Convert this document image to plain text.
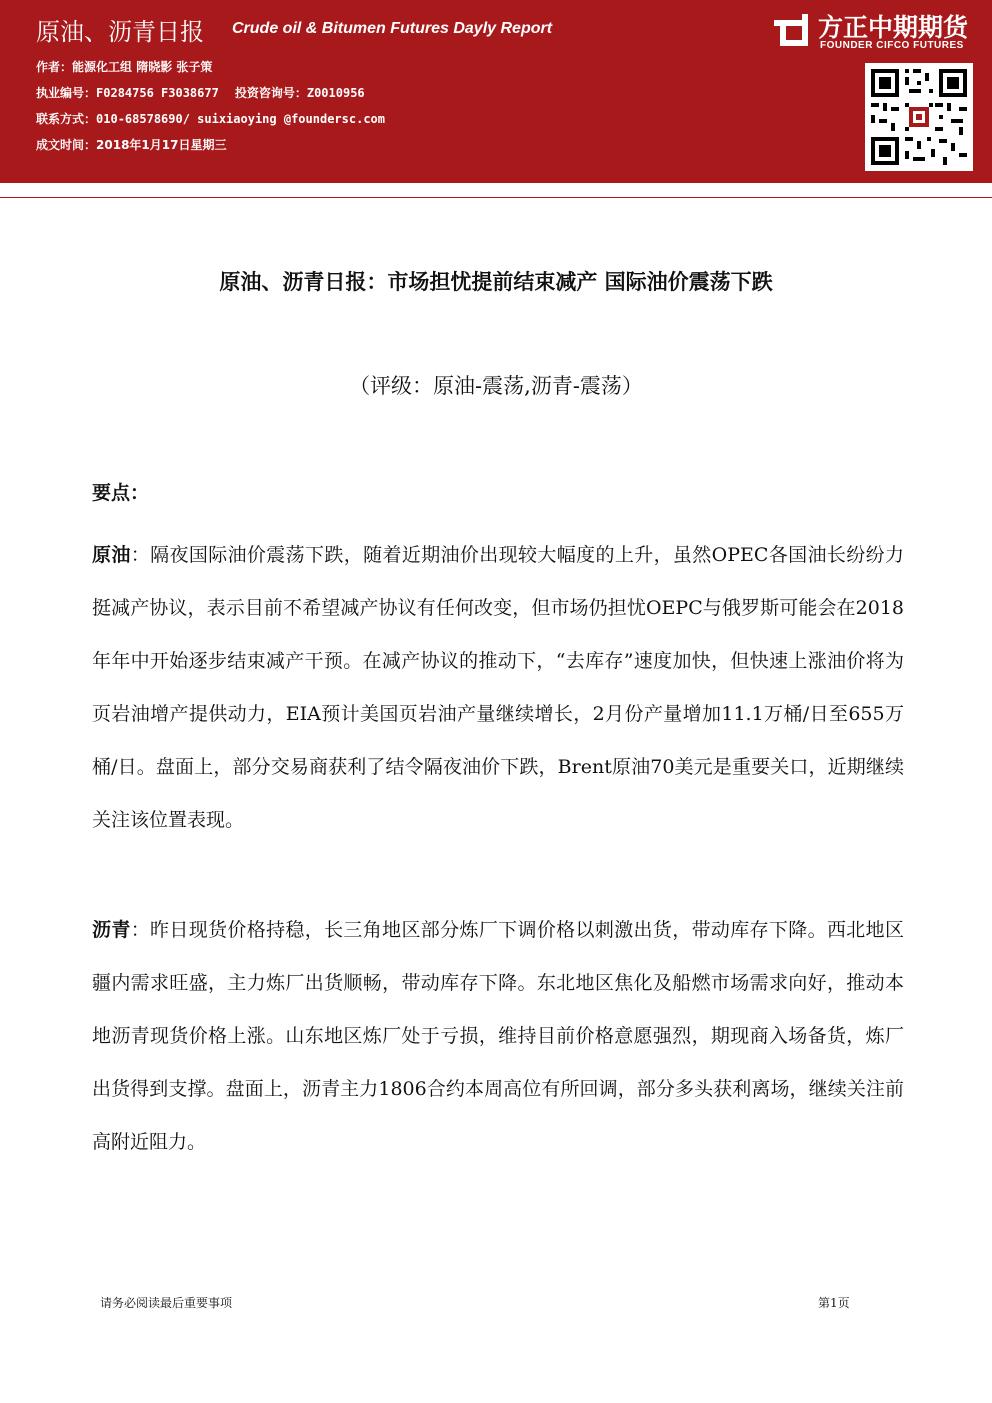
原油、沥青日报 Crude oil & Bitumen Futures Dayly Report
作者：能源化工组 隋晓影 张子策
执业编号：F0284756 F3038677 投资咨询号：Z0010956
联系方式：010-68578690/ suixiaoying @foundersc.com
成文时间：2018年1月17日星期三
方正中期期货
FOUNDER CIFCO FUTURES
原油、沥青日报：市场担忧提前结束减产 国际油价震荡下跌
（评级：原油-震荡,沥青-震荡）
要点：
原油：隔夜国际油价震荡下跌，随着近期油价出现较大幅度的上升，虽然OPEC各国油长纷纷力挺减产协议，表示目前不希望减产协议有任何改变，但市场仍担忧OEPC与俄罗斯可能会在2018年年中开始逐步结束减产干预。在减产协议的推动下，“去库存”速度加快，但快速上涨油价将为页岩油增产提供动力，EIA预计美国页岩油产量继续增长，2月份产量增加11.1万桶/日至655万桶/日。盘面上，部分交易商获利了结令隔夜油价下跌，Brent原油70美元是重要关口，近期继续关注该位置表现。
沥青：昨日现货价格持稳，长三角地区部分炼厂下调价格以刺激出货，带动库存下降。西北地区疆内需求旺盛，主力炼厂出货顺畅，带动库存下降。东北地区焦化及船燃市场需求向好，推动本地沥青现货价格上涨。山东地区炼厂处于亏损，维持目前价格意愿强烈，期现商入场备货，炼厂出货得到支撑。盘面上，沥青主力1806合约本周高位有所回调，部分多头获利离场，继续关注前高附近阻力。
请务必阅读最后重要事项	第1页
